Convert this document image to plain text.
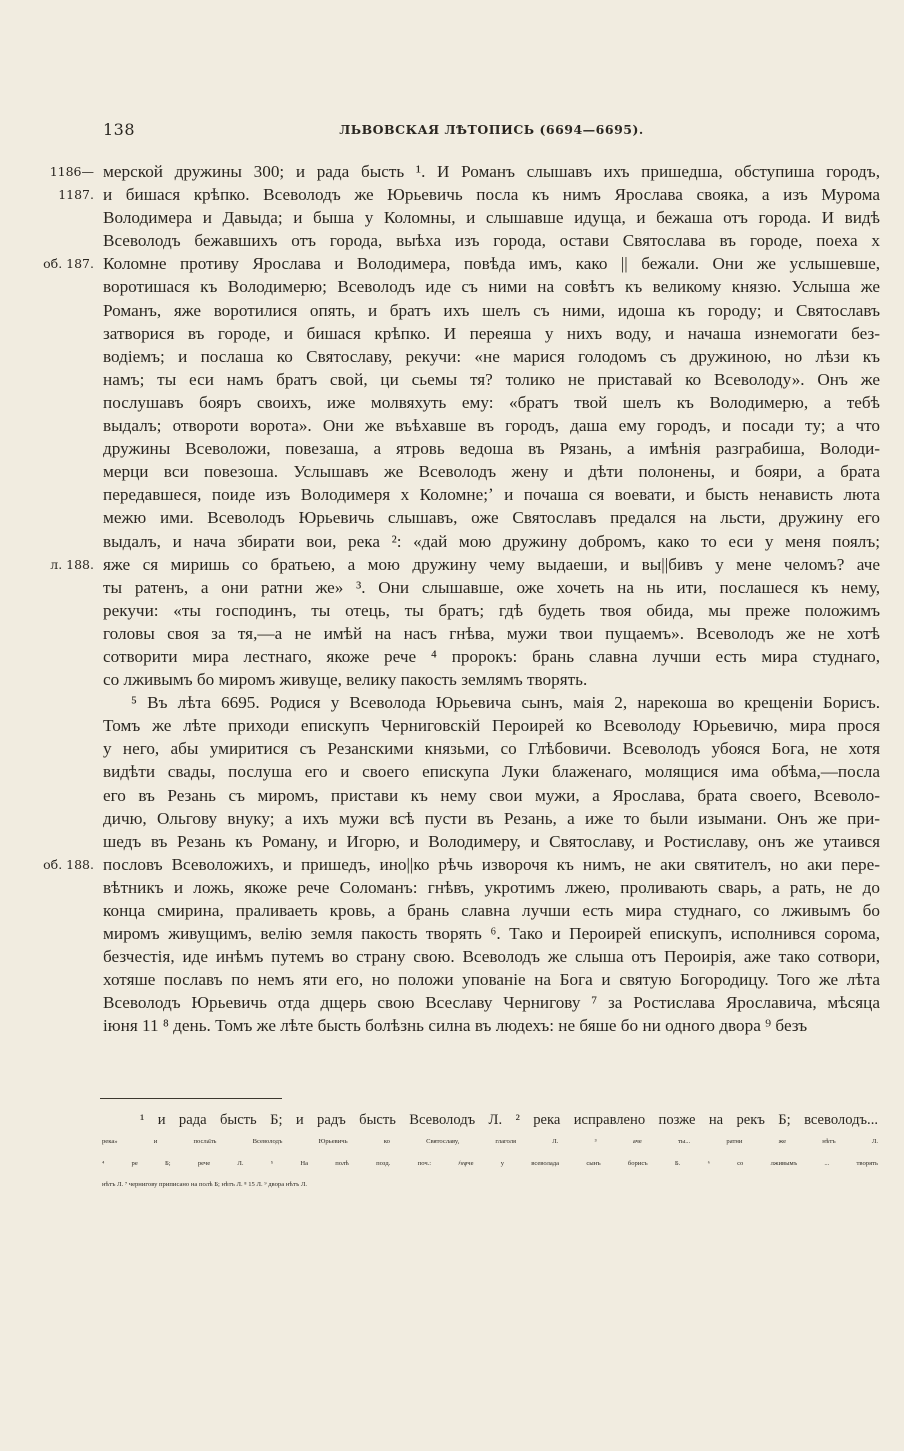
138	ЛЬВОВСКАЯ ЛѢТОПИСЬ (6694—6695).
1186—1187.
мерской дружины 300; и рада бысть ¹. И Романъ слышавъ ихъ пришедша, обступиша городъ,
и бишася крѣпко. Всеволодъ же Юрьевичь посла къ нимъ Ярослава свояка, а изъ Мурома
Володимера и Давыда; и быша у Коломны, и слышавше идуща, и бежаша отъ города. И видѣ
Всеволодъ бежавшихъ отъ города, выѣха изъ города, остави Святослава въ городе, поеха х
об. 187. Коломне противу Ярослава и Володимера, повѣда имъ, како || бежали. Они же услышевше,
воротишася къ Володимерю; Всеволодъ иде съ ними на совѣтъ къ великому князю. Услыша же
Романъ, яже воротилися опять, и братъ ихъ шелъ съ ними, идоша къ городу; и Святославъ
затворися въ городе, и бишася крѣпко. И переяша у нихъ воду, и начаша изнемогати без-
водіемъ; и послаша ко Святославу, рекучи: «не марися голодомъ съ дружиною, но лѣзи къ
намъ; ты еси намъ братъ свой, ци сьемы тя? толико не приставай ко Всеволоду». Онъ же
послушавъ бояръ своихъ, иже молвяхуть ему: «братъ твой шелъ къ Володимерю, а тебѣ
выдалъ; отвороти ворота». Они же въѣхавше въ городъ, даша ему городъ, и посади ту; а что
дружины Всеволожи, повезаша, а ятровь ведоша въ Рязань, а имѣнія разграбиша, Володи-
мерци вси повезоша. Услышавъ же Всеволодъ жену и дѣти полонены, и бояри, а брата
передавшеся, поиде изъ Володимеря х Коломне;ʼ и почаша ся воевати, и бысть ненависть люта
межю ими. Всеволодъ Юрьевичь слышавъ, оже Святославъ предался на льсти, дружину его
выдалъ, и нача збирати вои, река ²: «дай мою дружину добромъ, како то еси у меня поялъ;
л. 188. яже ся миришь со братьею, а мою дружину чему выдаеши, и вы||бивъ у мене челомъ? аче
ты ратенъ, а они ратни же» ³. Они слышавше, оже хочеть на нь ити, послашеся къ нему,
рекучи: «ты господинъ, ты отець, ты братъ; гдѣ будеть твоя обида, мы преже положимъ
головы своя за тя,—а не имѣй на насъ гнѣва, мужи твои пущаемъ». Всеволодъ же не хотѣ
сотворити мира лестнаго, якоже рече ⁴ пророкъ: брань славна лучши есть мира студнаго,
со лживымъ бо миромъ живуще, велику пакость землямъ творять.
⁵ Въ лѣта 6695. Родися у Всеволода Юрьевича сынъ, маія 2, нарекоша во крещеніи Борисъ.
Томъ же лѣте приходи епискупъ Черниговскій Пероирей ко Всеволоду Юрьевичю, мира прося
у него, абы умиритися съ Резанскими князьми, со Глѣбовичи. Всеволодъ убояся Бога, не хотя
видѣти свады, послуша его и своего епискупа Луки блаженаго, молящися има обѣма,—посла
его въ Резань съ миромъ, пристави къ нему свои мужи, а Ярослава, брата своего, Всеволо-
дичю, Ольгову внуку; а ихъ мужи всѣ пусти въ Резань, а иже то были изымани. Онъ же при-
шедъ въ Резань къ Роману, и Игорю, и Володимеру, и Святославу, и Ростиславу, онъ же утаився
об. 188. пословъ Всеволожихъ, и пришедъ, ино||ко рѣчь изворочя къ нимъ, не аки святителъ, но аки пере-
вѣтникъ и ложь, якоже рече Соломанъ: гнѣвъ, укротимъ лжею, проливають сварь, а рать, не до
конца смирина, праливаеть кровь, а брань славна лучши есть мира студнаго, со лживымъ бо
миромъ живущимъ, велію земля пакость творять ⁶. Тако и Пероирей епискупъ, исполнився сорома,
безчестія, иде инѣмъ путемъ во страну свою. Всеволодъ же слыша отъ Пероирія, аже тако сотвори,
хотяше пославъ по немъ яти его, но положи упованіе на Бога и святую Богородицу. Того же лѣта
Всеволодъ Юрьевичь отда дщерь свою Всеславу Чернигову ⁷ за Ростислава Ярославича, мѣсяца
іюня 11 ⁸ день. Томъ же лѣте бысть болѣзнь силна въ людехъ: не бяше бо ни одного двора ⁹ безъ
¹ и рада бысть Б; и радъ бысть Всеволодъ Л. ² река исправлено позже на рекъ Б; всеволодъ...
река» и посла̄лъ Всеволодъ Юрьевичь ко Святославу, глаголя Л. ³ аче ты... ратни же нѣтъ Л.
⁴ ре Б; рече Л. ⁵ На полѣ позд. поч.: ҂ѕѱче у всеволада сынъ борисъ Б. ⁶ со лживымъ ... творять
нѣтъ Л. ⁷ чернигову приписано на полѣ Б; нѣтъ Л. ⁸ 15 Л. ⁹ двора нѣтъ Л.
